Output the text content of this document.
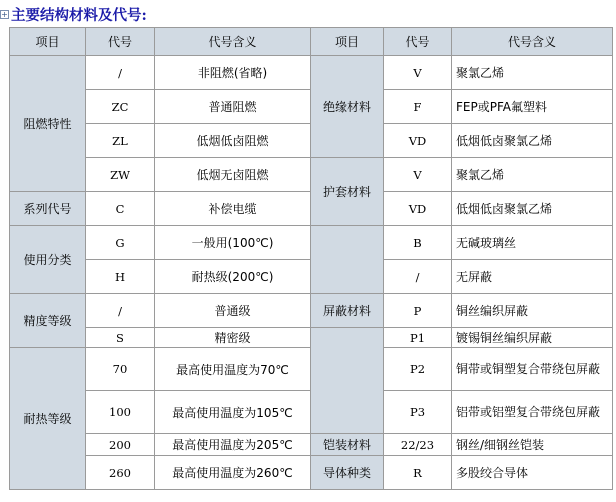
+ 主要结构材料及代号:
项目	代号	代号含义	项目	代号	代号含义
阻燃特性	/	非阻燃(省略)	绝缘材料	V	聚氯乙烯
	ZC	普通阻燃		F	FEP或PFA氟塑料
	ZL	低烟低卤阻燃		VD	低烟低卤聚氯乙烯
	ZW	低烟无卤阻燃	护套材料	V	聚氯乙烯
系列代号	C	补偿电缆		VD	低烟低卤聚氯乙烯
使用分类	G	一般用(100℃)		B	无碱玻璃丝
	H	耐热级(200℃)		/	无屏蔽
精度等级	/	普通级	屏蔽材料	P	铜丝编织屏蔽
	S	精密级		P1	镀锡铜丝编织屏蔽
耐热等级	70	最高使用温度为70℃		P2	铜带或铜塑复合带绕包屏蔽
	100	最高使用温度为105℃		P3	铝带或铝塑复合带绕包屏蔽
	200	最高使用温度为205℃	铠装材料	22/23	钢丝/细钢丝铠装
	260	最高使用温度为260℃	导体种类	R	多股绞合导体
